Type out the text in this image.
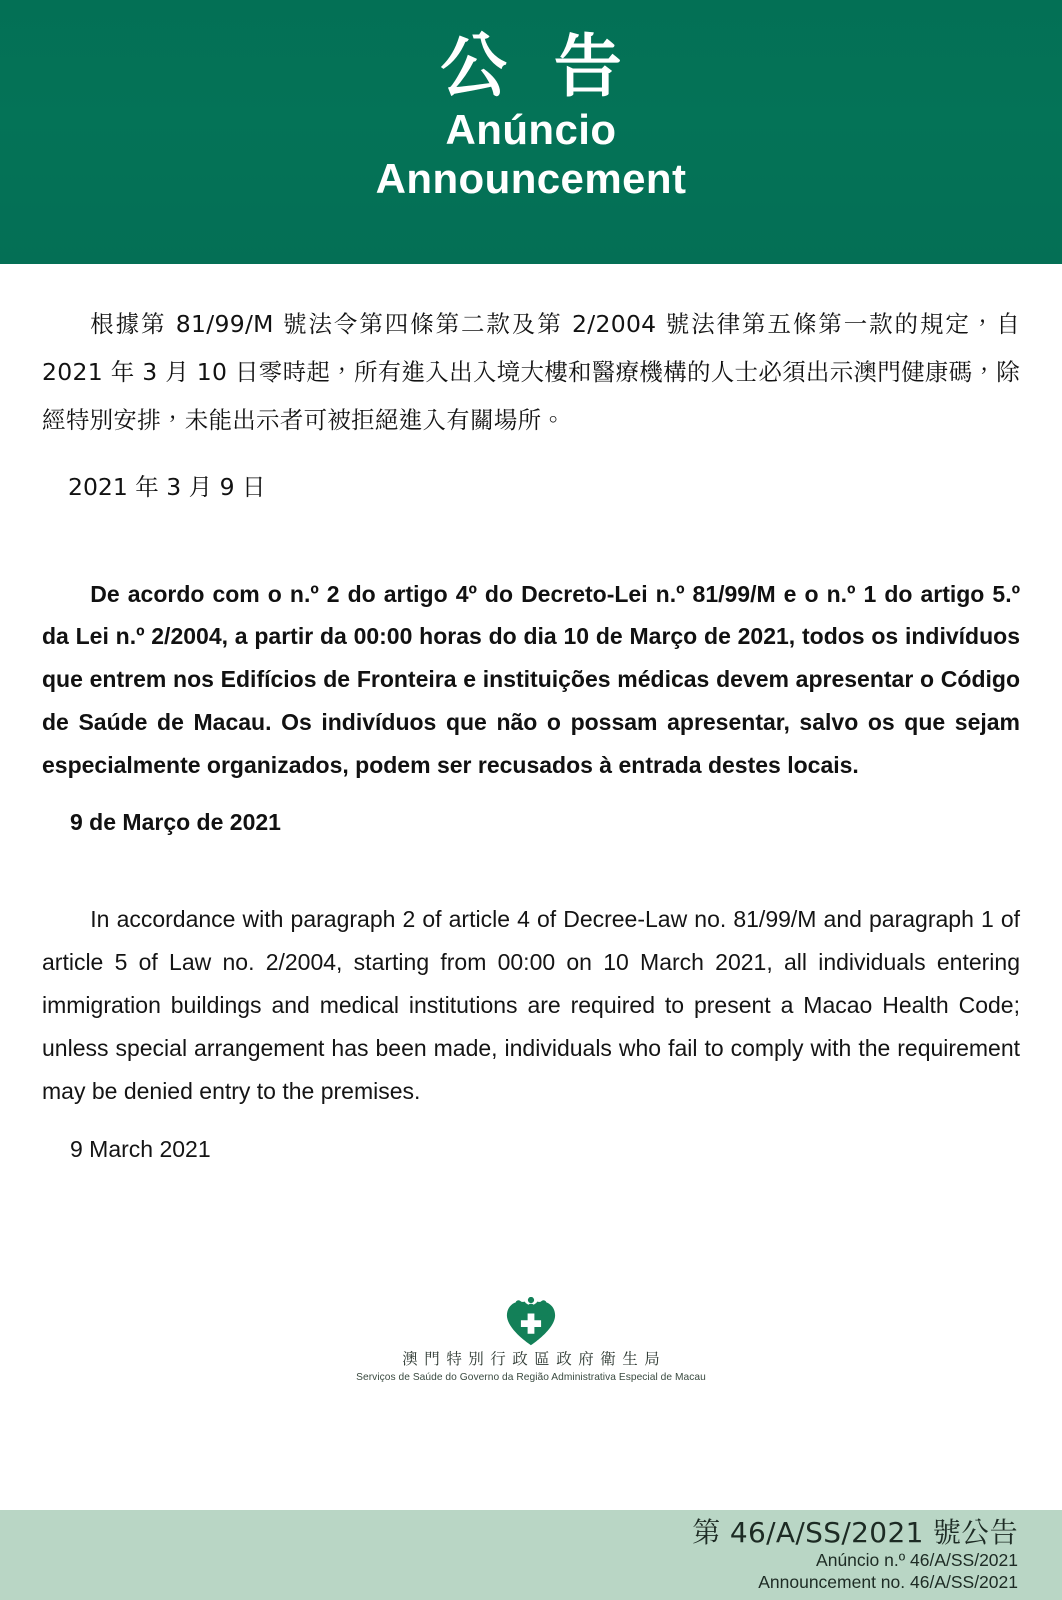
公 告
Anúncio
Announcement

根據第 81/99/M 號法令第四條第二款及第 2/2004 號法律第五條第一款的規定，自 2021 年 3 月 10 日零時起，所有進入出入境大樓和醫療機構的人士必須出示澳門健康碼，除經特別安排，未能出示者可被拒絕進入有關場所。

2021 年 3 月 9 日

De acordo com o n.º 2 do artigo 4º do Decreto-Lei n.º 81/99/M e o n.º 1 do artigo 5.º da Lei n.º 2/2004, a partir da 00:00 horas do dia 10 de Março de 2021, todos os indivíduos que entrem nos Edifícios de Fronteira e instituições médicas devem apresentar o Código de Saúde de Macau. Os indivíduos que não o possam apresentar, salvo os que sejam especialmente organizados, podem ser recusados à entrada destes locais.

9 de Março de 2021

In accordance with paragraph 2 of article 4 of Decree-Law no. 81/99/M and paragraph 1 of article 5 of Law no. 2/2004, starting from 00:00 on 10 March 2021, all individuals entering immigration buildings and medical institutions are required to present a Macao Health Code; unless special arrangement has been made, individuals who fail to comply with the requirement may be denied entry to the premises.

9 March 2021

澳門特別行政區政府衛生局
Serviços de Saúde do Governo da Região Administrativa Especial de Macau
第 46/A/SS/2021 號公告
Anúncio n.º 46/A/SS/2021
Announcement no. 46/A/SS/2021
